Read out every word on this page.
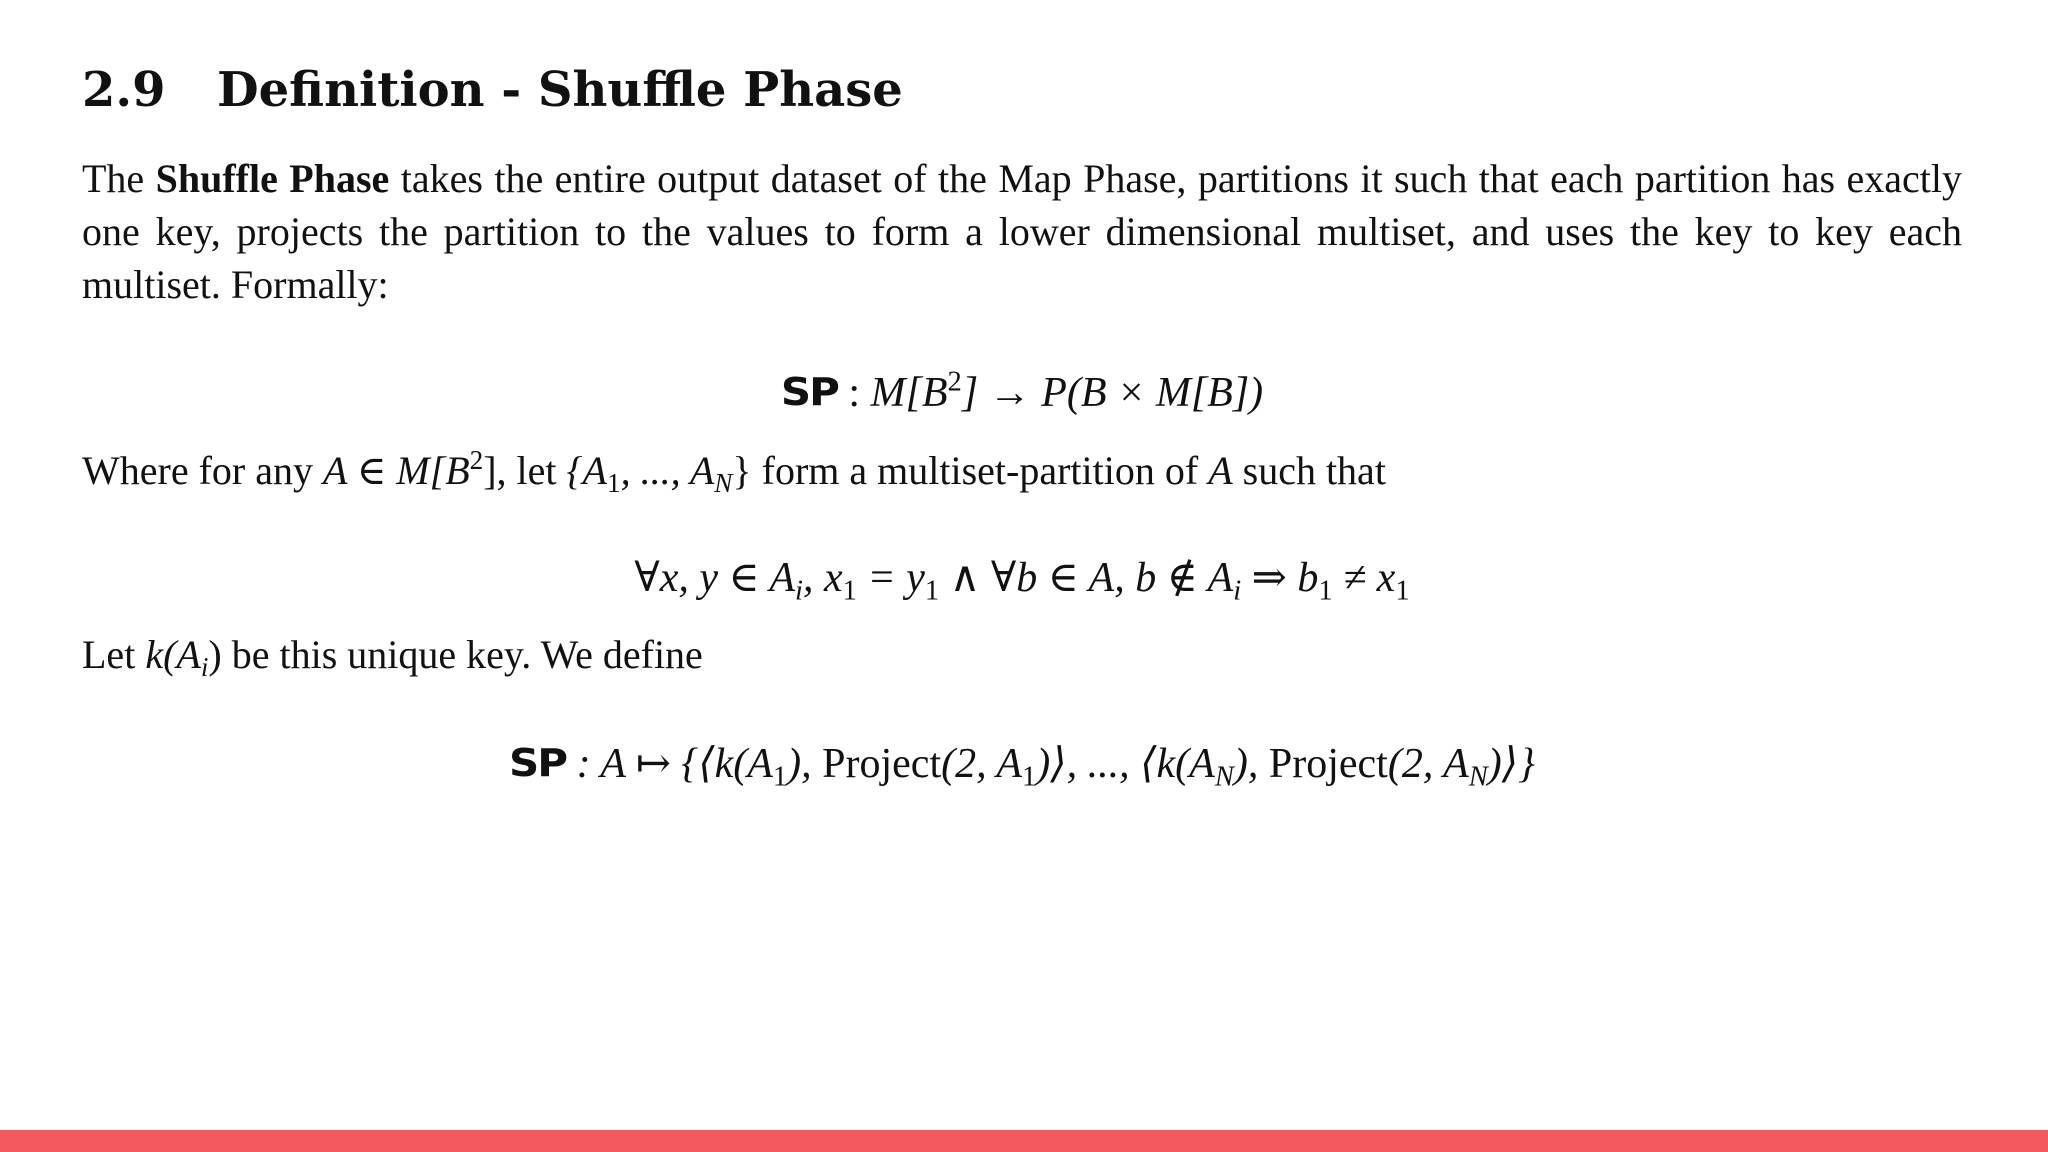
2.9 Definition - Shuffle Phase

The Shuffle Phase takes the entire output dataset of the Map Phase, partitions it such that each partition has exactly one key, projects the partition to the values to form a lower dimensional multiset, and uses the key to key each multiset. Formally:

SP : $M[B^2] \to P(B \times M[B])$

Where for any A ∈ $M[B^2]$, let {$A_1$, ..., $A_N$} form a multiset-partition of A such that

∀x, y ∈ $A_i$, $x_1 = y_1$ ∧ ∀b ∈ A, b ∉ $A_i$ ⇒ $b_1 \ne x_1$

Let $k(A_i)$ be this unique key. We define

SP : A ↦ {$⟨k(A_1)$, Project(2, $A_1)⟩$, ..., $⟨k(A_N)$, Project(2, $A_N)⟩$}
